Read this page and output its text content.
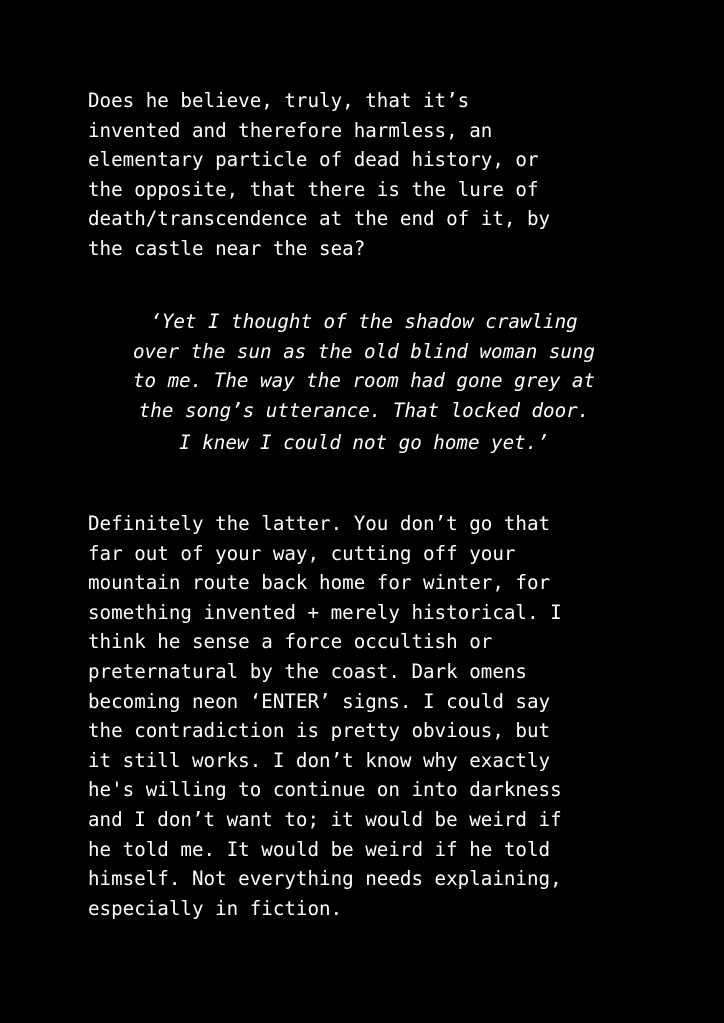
Does he believe, truly, that it’s
invented and therefore harmless, an
elementary particle of dead history, or
the opposite, that there is the lure of
death/transcendence at the end of it, by
the castle near the sea?

‘Yet I thought of the shadow crawling
over the sun as the old blind woman sung
to me. The way the room had gone grey at
the song’s utterance. That locked door.

I knew I could not go home yet.’

Definitely the latter. You don’t go that
far out of your way, cutting off your
mountain route back home for winter, for
something invented + merely historical. I
think he sense a force occultish or
preternatural by the coast. Dark omens
becoming neon ‘ENTER’ signs. I could say
the contradiction is pretty obvious, but
it still works. I don’t know why exactly
he's willing to continue on into darkness
and I don’t want to; it would be weird if
he told me. It would be weird if he told
himself. Not everything needs explaining,
especially in fiction.
